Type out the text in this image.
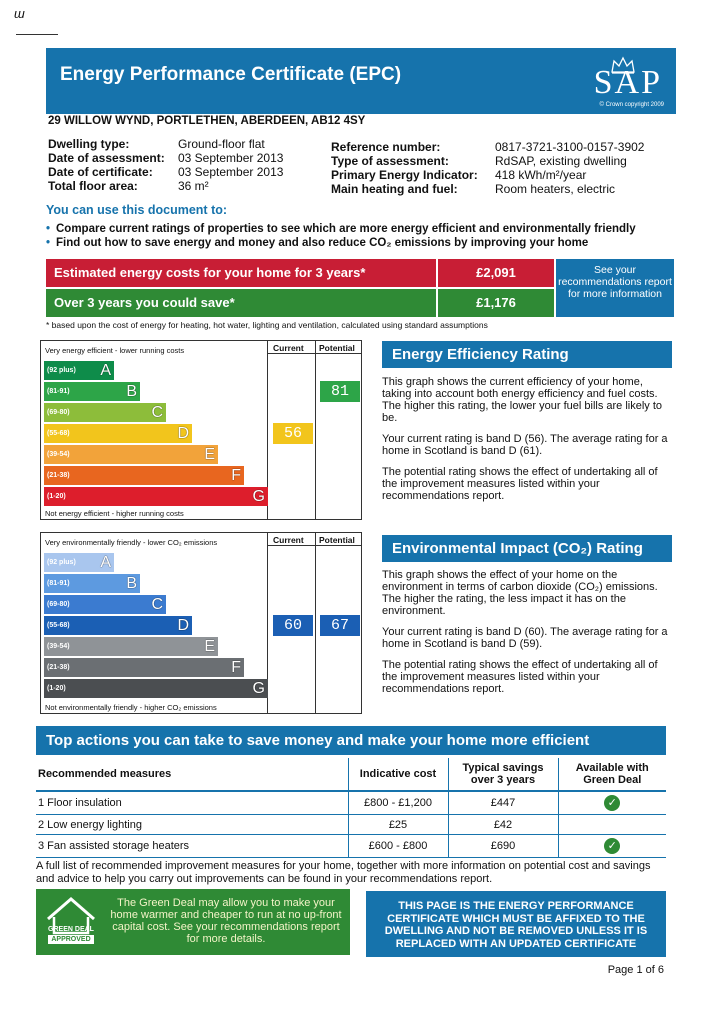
ɯ
Energy Performance Certificate (EPC)	SAP
© Crown copyright 2009
29 WILLOW WYND, PORTLETHEN, ABERDEEN, AB12 4SY
Dwelling type:	Ground-floor flat
Date of assessment:	03 September 2013
Date of certificate:	03 September 2013
Total floor area:	36 m²
Reference number:	0817-3721-3100-0157-3902
Type of assessment:	RdSAP, existing dwelling
Primary Energy Indicator:	418 kWh/m²/year
Main heating and fuel:	Room heaters, electric
You can use this document to:
• Compare current ratings of properties to see which are more energy efficient and environmentally friendly
• Find out how to save energy and money and also reduce CO₂ emissions by improving your home
Estimated energy costs for your home for 3 years*	£2,091
Over 3 years you could save*	£1,176
See your recommendations report for more information
* based upon the cost of energy for heating, hot water, lighting and ventilation, calculated using standard assumptions
Very energy efficient - lower running costs	Current Potential
(92 plus) A
(81-91)	B
(69-80)	C
(55-68)	D
(39-54)	E
(21-38)	F
(1-20)	G
Not energy efficient - higher running costs
56
81
Very environmentally friendly - lower CO₂ emissions	Current Potential
(92 plus) A
(81-91)	B
(69-80)	C
(55-68)	D
(39-54)	E
(21-38)	F
(1-20)	G
Not environmentally friendly - higher CO₂ emissions
60	67
Energy Efficiency Rating

This graph shows the current efficiency of your home, taking into account both energy efficiency and fuel costs. The higher this rating, the lower your fuel bills are likely to be.

Your current rating is band D (56). The average rating for a home in Scotland is band D (61).

The potential rating shows the effect of undertaking all of the improvement measures listed within your recommendations report.

Environmental Impact (CO₂) Rating

This graph shows the effect of your home on the environment in terms of carbon dioxide (CO₂) emissions. The higher the rating, the less impact it has on the environment.

Your current rating is band D (60). The average rating for a home in Scotland is band D (59).

The potential rating shows the effect of undertaking all of the improvement measures listed within your recommendations report.

Top actions you can take to save money and make your home more efficient
Recommended measures	Indicative cost	Typical savings over 3 years	Available with Green Deal
1 Floor insulation	£800 - £1,200	£447	✓
2 Low energy lighting	£25	£42	
3 Fan assisted storage heaters	£600 - £800	£690	✓
A full list of recommended improvement measures for your home, together with more information on potential cost and savings and advice to help you carry out improvements can be found in your recommendations report.
GREEN DEAL
APPROVED
The Green Deal may allow you to make your home warmer and cheaper to run at no up-front capital cost. See your recommendations report for more details.
THIS PAGE IS THE ENERGY PERFORMANCE CERTIFICATE WHICH MUST BE AFFIXED TO THE DWELLING AND NOT BE REMOVED UNLESS IT IS REPLACED WITH AN UPDATED CERTIFICATE
Page 1 of 6
